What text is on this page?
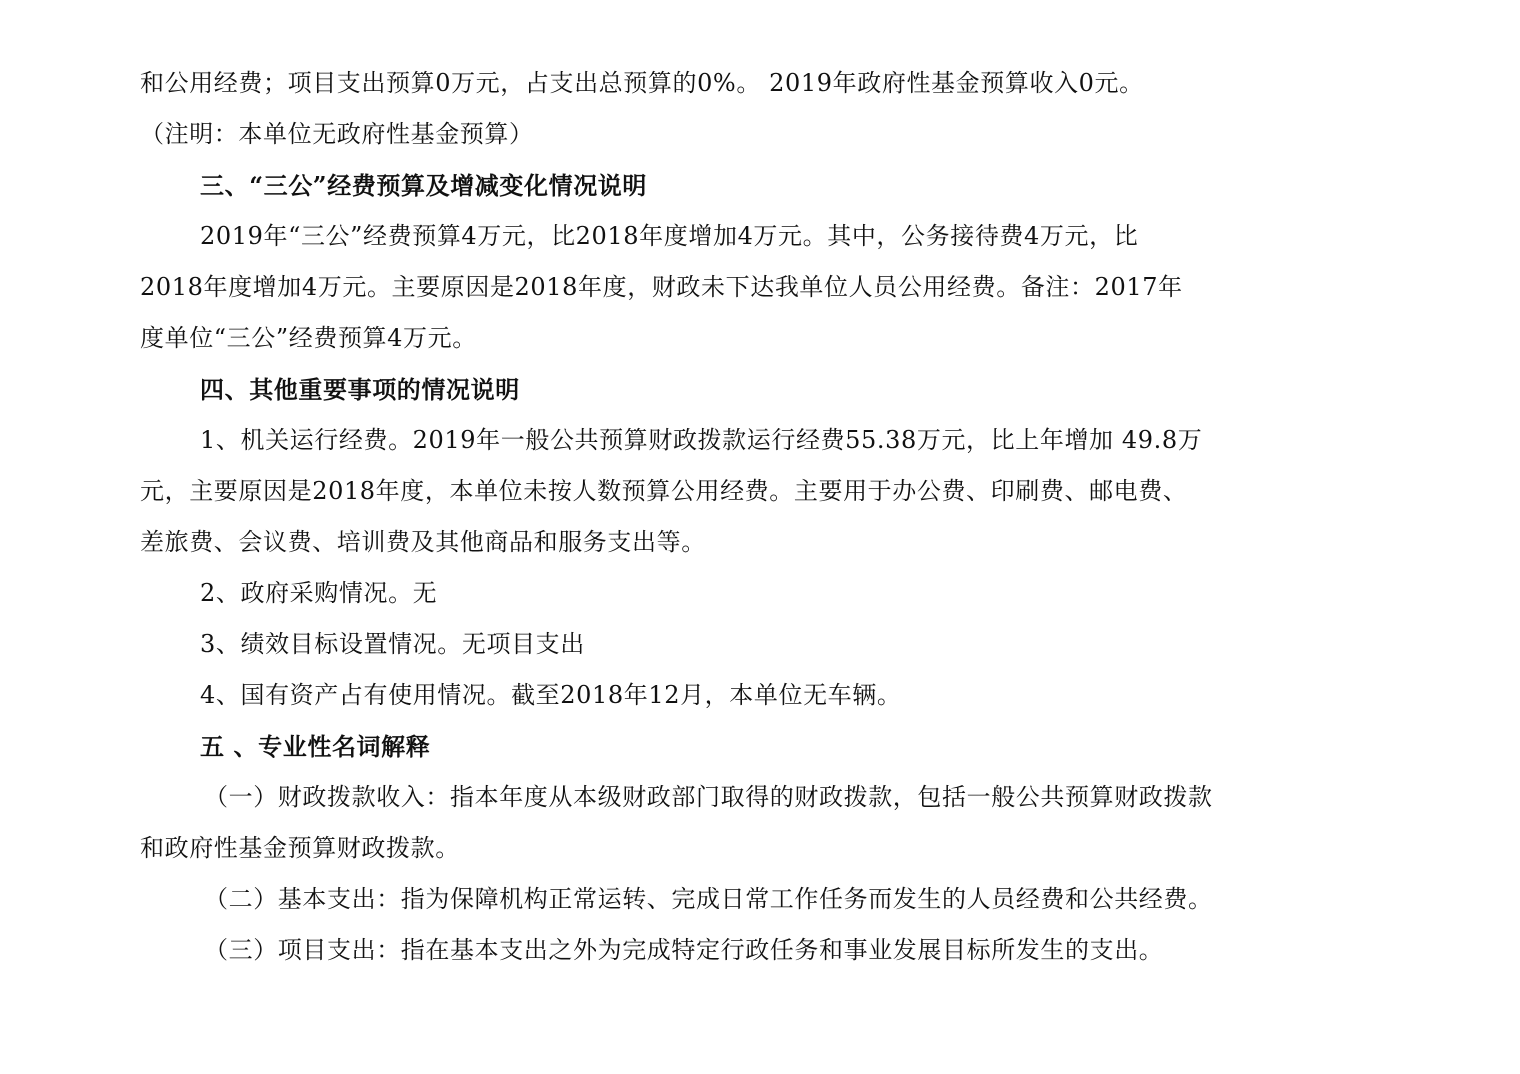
和公用经费；项目支出预算0万元，占支出总预算的0%。 2019年政府性基金预算收入0元。
（注明：本单位无政府性基金预算）
三、“三公”经费预算及增减变化情况说明
2019年“三公”经费预算4万元，比2018年度增加4万元。其中，公务接待费4万元，比
2018年度增加4万元。主要原因是2018年度，财政未下达我单位人员公用经费。备注：2017年
度单位“三公”经费预算4万元。
四、其他重要事项的情况说明
1、机关运行经费。2019年一般公共预算财政拨款运行经费55.38万元，比上年增加 49.8万
元，主要原因是2018年度，本单位未按人数预算公用经费。主要用于办公费、印刷费、邮电费、
差旅费、会议费、培训费及其他商品和服务支出等。
2、政府采购情况。无
3、绩效目标设置情况。无项目支出
4、国有资产占有使用情况。截至2018年12月，本单位无车辆。
五 、专业性名词解释
（一）财政拨款收入：指本年度从本级财政部门取得的财政拨款，包括一般公共预算财政拨款
和政府性基金预算财政拨款。
（二）基本支出：指为保障机构正常运转、完成日常工作任务而发生的人员经费和公共经费。
（三）项目支出：指在基本支出之外为完成特定行政任务和事业发展目标所发生的支出。
